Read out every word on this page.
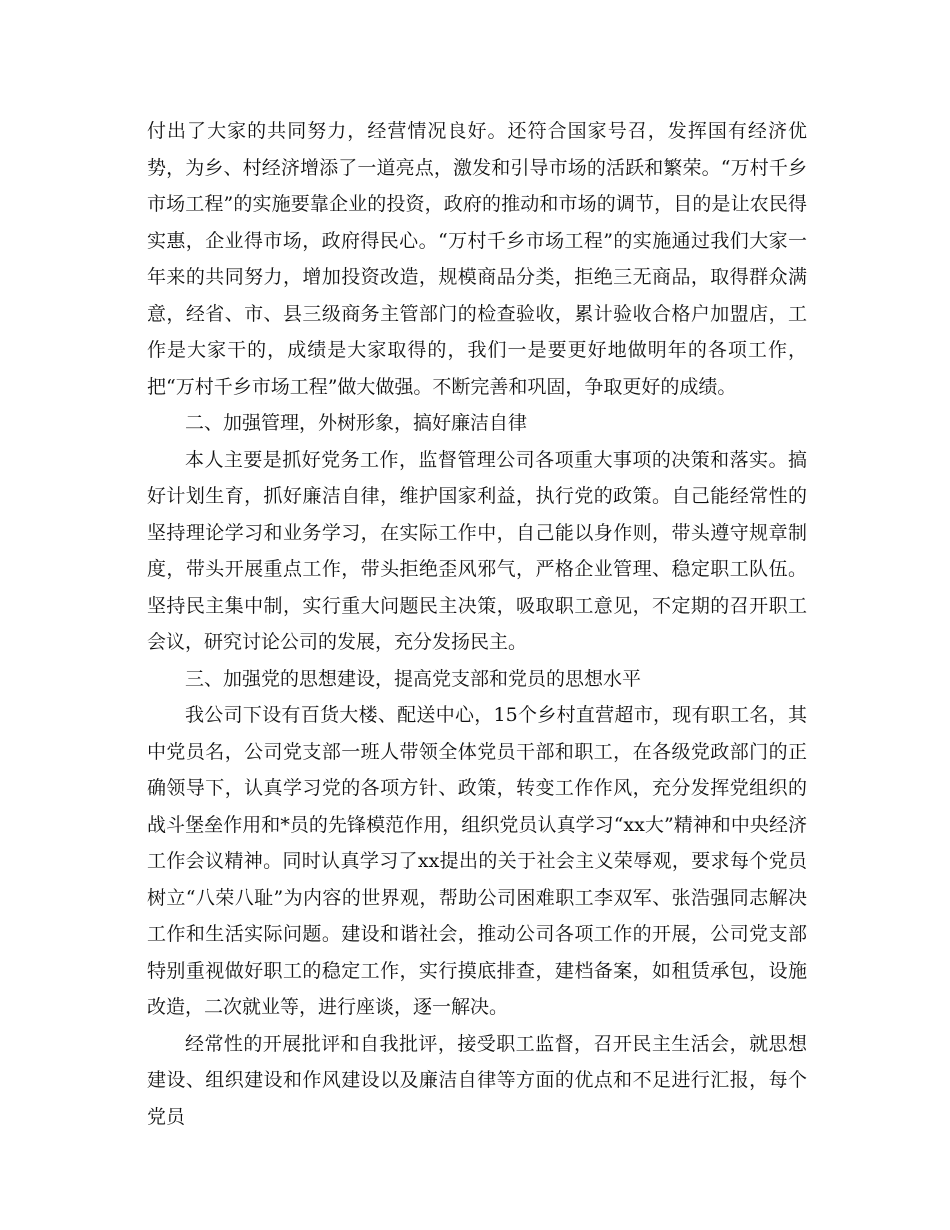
付出了大家的共同努力，经营情况良好。还符合国家号召，发挥国有经济优势，为乡、村经济增添了一道亮点，激发和引导市场的活跃和繁荣。“万村千乡市场工程”的实施要靠企业的投资，政府的推动和市场的调节，目的是让农民得实惠，企业得市场，政府得民心。“万村千乡市场工程”的实施通过我们大家一年来的共同努力，增加投资改造，规模商品分类，拒绝三无商品，取得群众满意，经省、市、县三级商务主管部门的检查验收，累计验收合格户加盟店，工作是大家干的，成绩是大家取得的，我们一是要更好地做明年的各项工作，把“万村千乡市场工程”做大做强。不断完善和巩固，争取更好的成绩。

二、加强管理，外树形象，搞好廉洁自律

本人主要是抓好党务工作，监督管理公司各项重大事项的决策和落实。搞好计划生育，抓好廉洁自律，维护国家利益，执行党的政策。自己能经常性的坚持理论学习和业务学习，在实际工作中，自己能以身作则，带头遵守规章制度，带头开展重点工作，带头拒绝歪风邪气，严格企业管理、稳定职工队伍。坚持民主集中制，实行重大问题民主决策，吸取职工意见，不定期的召开职工会议，研究讨论公司的发展，充分发扬民主。

三、加强党的思想建设，提高党支部和党员的思想水平

我公司下设有百货大楼、配送中心，15个乡村直营超市，现有职工名，其中党员名，公司党支部一班人带领全体党员干部和职工，在各级党政部门的正确领导下，认真学习党的各项方针、政策，转变工作作风，充分发挥党组织的战斗堡垒作用和*员的先锋模范作用，组织党员认真学习“xx大”精神和中央经济工作会议精神。同时认真学习了xx提出的关于社会主义荣辱观，要求每个党员树立“八荣八耻”为内容的世界观，帮助公司困难职工李双军、张浩强同志解决工作和生活实际问题。建设和谐社会，推动公司各项工作的开展，公司党支部特别重视做好职工的稳定工作，实行摸底排查，建档备案，如租赁承包，设施改造，二次就业等，进行座谈，逐一解决。

经常性的开展批评和自我批评，接受职工监督，召开民主生活会，就思想建设、组织建设和作风建设以及廉洁自律等方面的优点和不足进行汇报，每个党员
